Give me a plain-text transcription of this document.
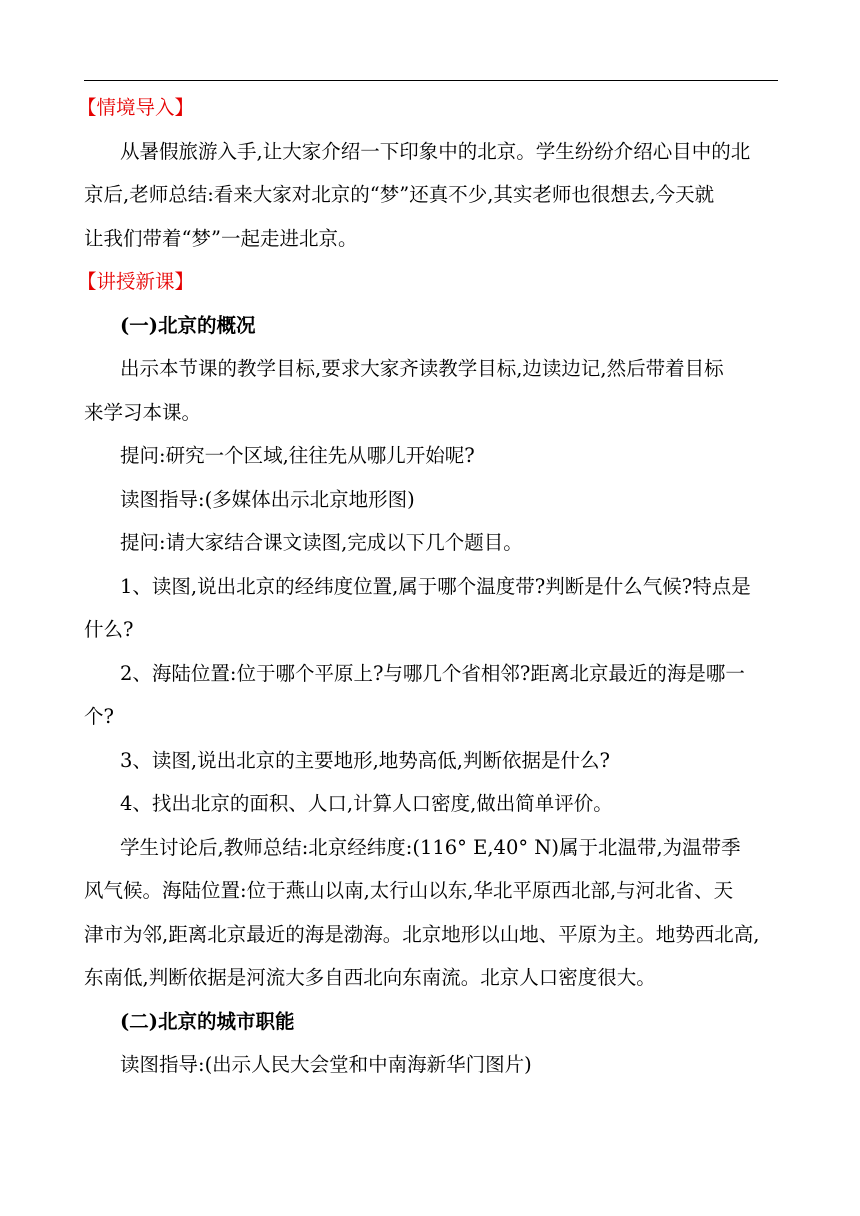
【情境导入】
从暑假旅游入手,让大家介绍一下印象中的北京。学生纷纷介绍心目中的北
京后,老师总结:看来大家对北京的“梦”还真不少,其实老师也很想去,今天就
让我们带着“梦”一起走进北京。
【讲授新课】
(一)北京的概况
出示本节课的教学目标,要求大家齐读教学目标,边读边记,然后带着目标
来学习本课。
提问:研究一个区域,往往先从哪儿开始呢?
读图指导:(多媒体出示北京地形图)
提问:请大家结合课文读图,完成以下几个题目。
1、读图,说出北京的经纬度位置,属于哪个温度带?判断是什么气候?特点是
什么?
2、海陆位置:位于哪个平原上?与哪几个省相邻?距离北京最近的海是哪一
个?
3、读图,说出北京的主要地形,地势高低,判断依据是什么?
4、找出北京的面积、人口,计算人口密度,做出简单评价。
学生讨论后,教师总结:北京经纬度:(116° E,40° N)属于北温带,为温带季
风气候。海陆位置:位于燕山以南,太行山以东,华北平原西北部,与河北省、天
津市为邻,距离北京最近的海是渤海。北京地形以山地、平原为主。地势西北高,
东南低,判断依据是河流大多自西北向东南流。北京人口密度很大。
(二)北京的城市职能
读图指导:(出示人民大会堂和中南海新华门图片)
